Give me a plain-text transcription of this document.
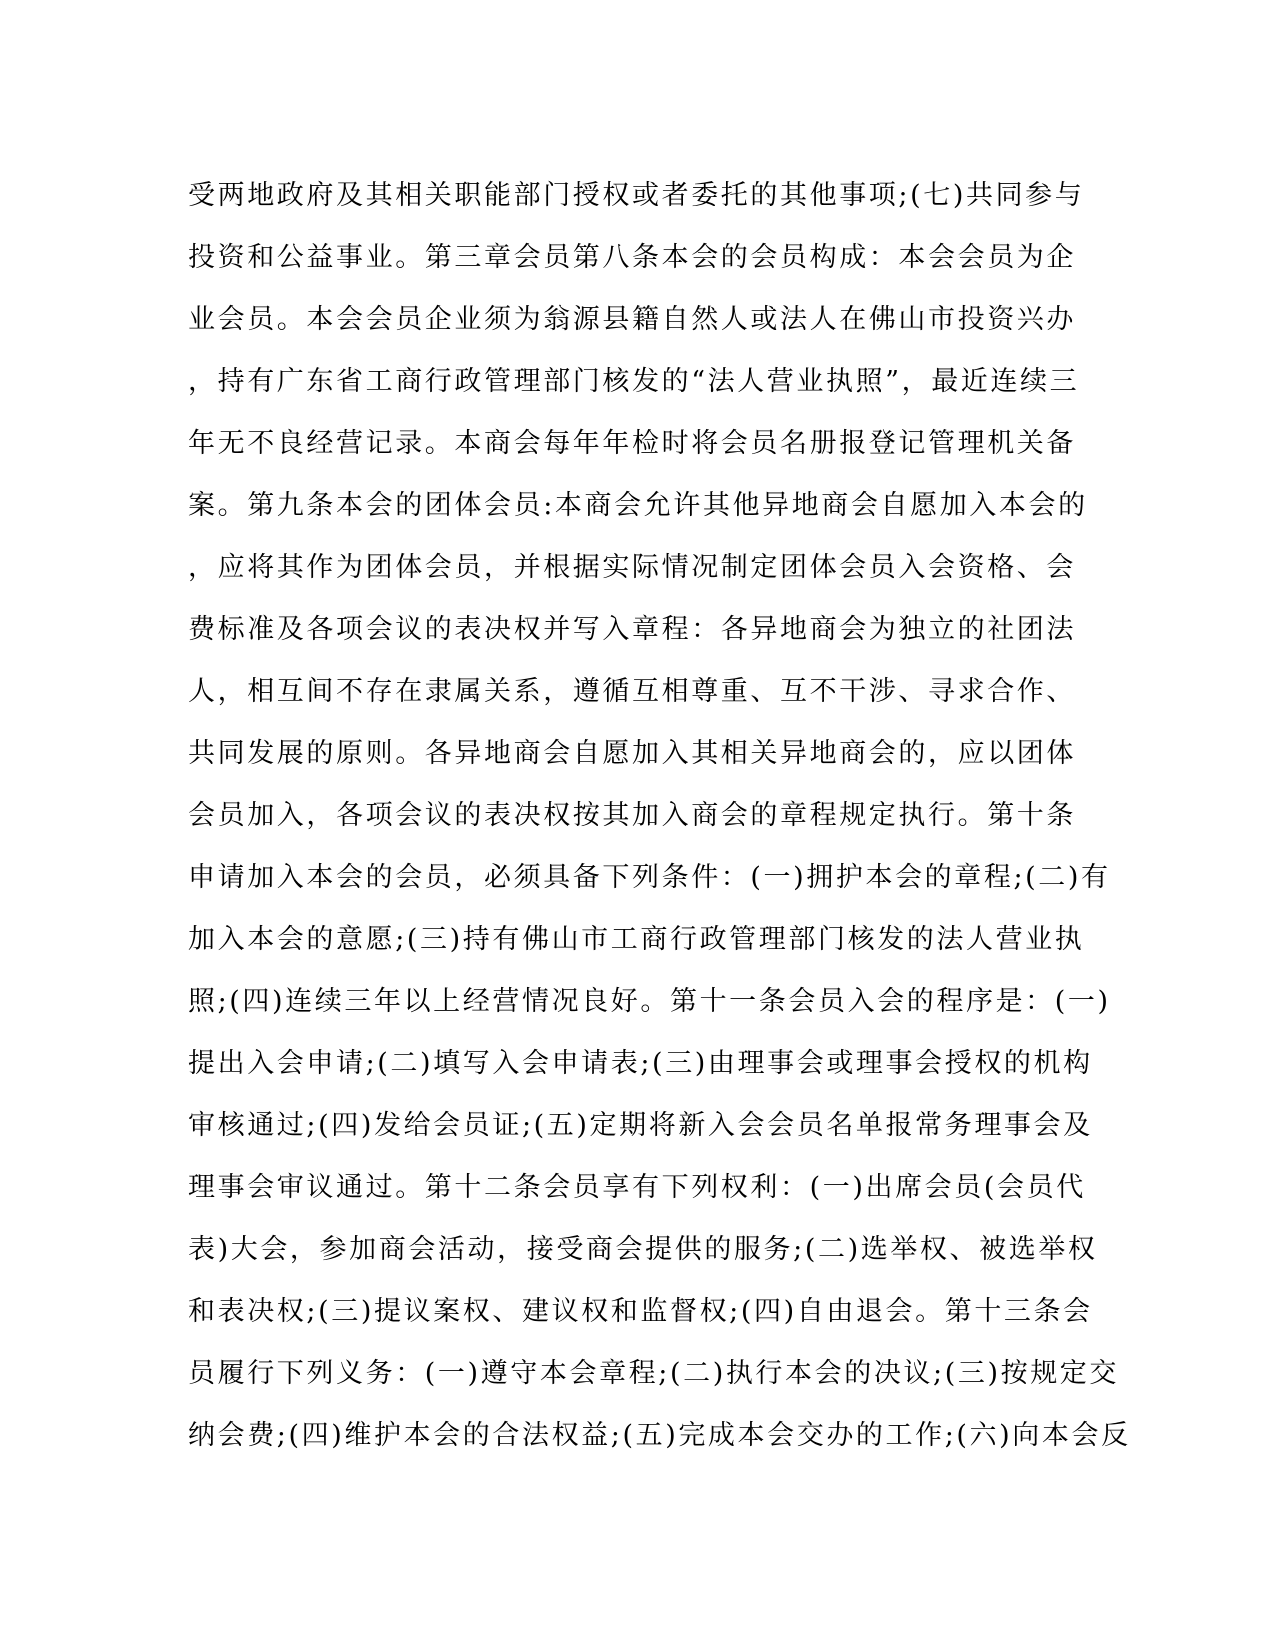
受两地政府及其相关职能部门授权或者委托的其他事项;(七)共同参与
投资和公益事业。第三章会员第八条本会的会员构成：本会会员为企
业会员。本会会员企业须为翁源县籍自然人或法人在佛山市投资兴办
，持有广东省工商行政管理部门核发的“法人营业执照”，最近连续三
年无不良经营记录。本商会每年年检时将会员名册报登记管理机关备
案。第九条本会的团体会员:本商会允许其他异地商会自愿加入本会的
，应将其作为团体会员，并根据实际情况制定团体会员入会资格、会
费标准及各项会议的表决权并写入章程：各异地商会为独立的社团法
人，相互间不存在隶属关系，遵循互相尊重、互不干涉、寻求合作、
共同发展的原则。各异地商会自愿加入其相关异地商会的，应以团体
会员加入，各项会议的表决权按其加入商会的章程规定执行。第十条
申请加入本会的会员，必须具备下列条件：(一)拥护本会的章程;(二)有
加入本会的意愿;(三)持有佛山市工商行政管理部门核发的法人营业执
照;(四)连续三年以上经营情况良好。第十一条会员入会的程序是：(一)
提出入会申请;(二)填写入会申请表;(三)由理事会或理事会授权的机构
审核通过;(四)发给会员证;(五)定期将新入会会员名单报常务理事会及
理事会审议通过。第十二条会员享有下列权利：(一)出席会员(会员代
表)大会，参加商会活动，接受商会提供的服务;(二)选举权、被选举权
和表决权;(三)提议案权、建议权和监督权;(四)自由退会。第十三条会
员履行下列义务：(一)遵守本会章程;(二)执行本会的决议;(三)按规定交
纳会费;(四)维护本会的合法权益;(五)完成本会交办的工作;(六)向本会反
